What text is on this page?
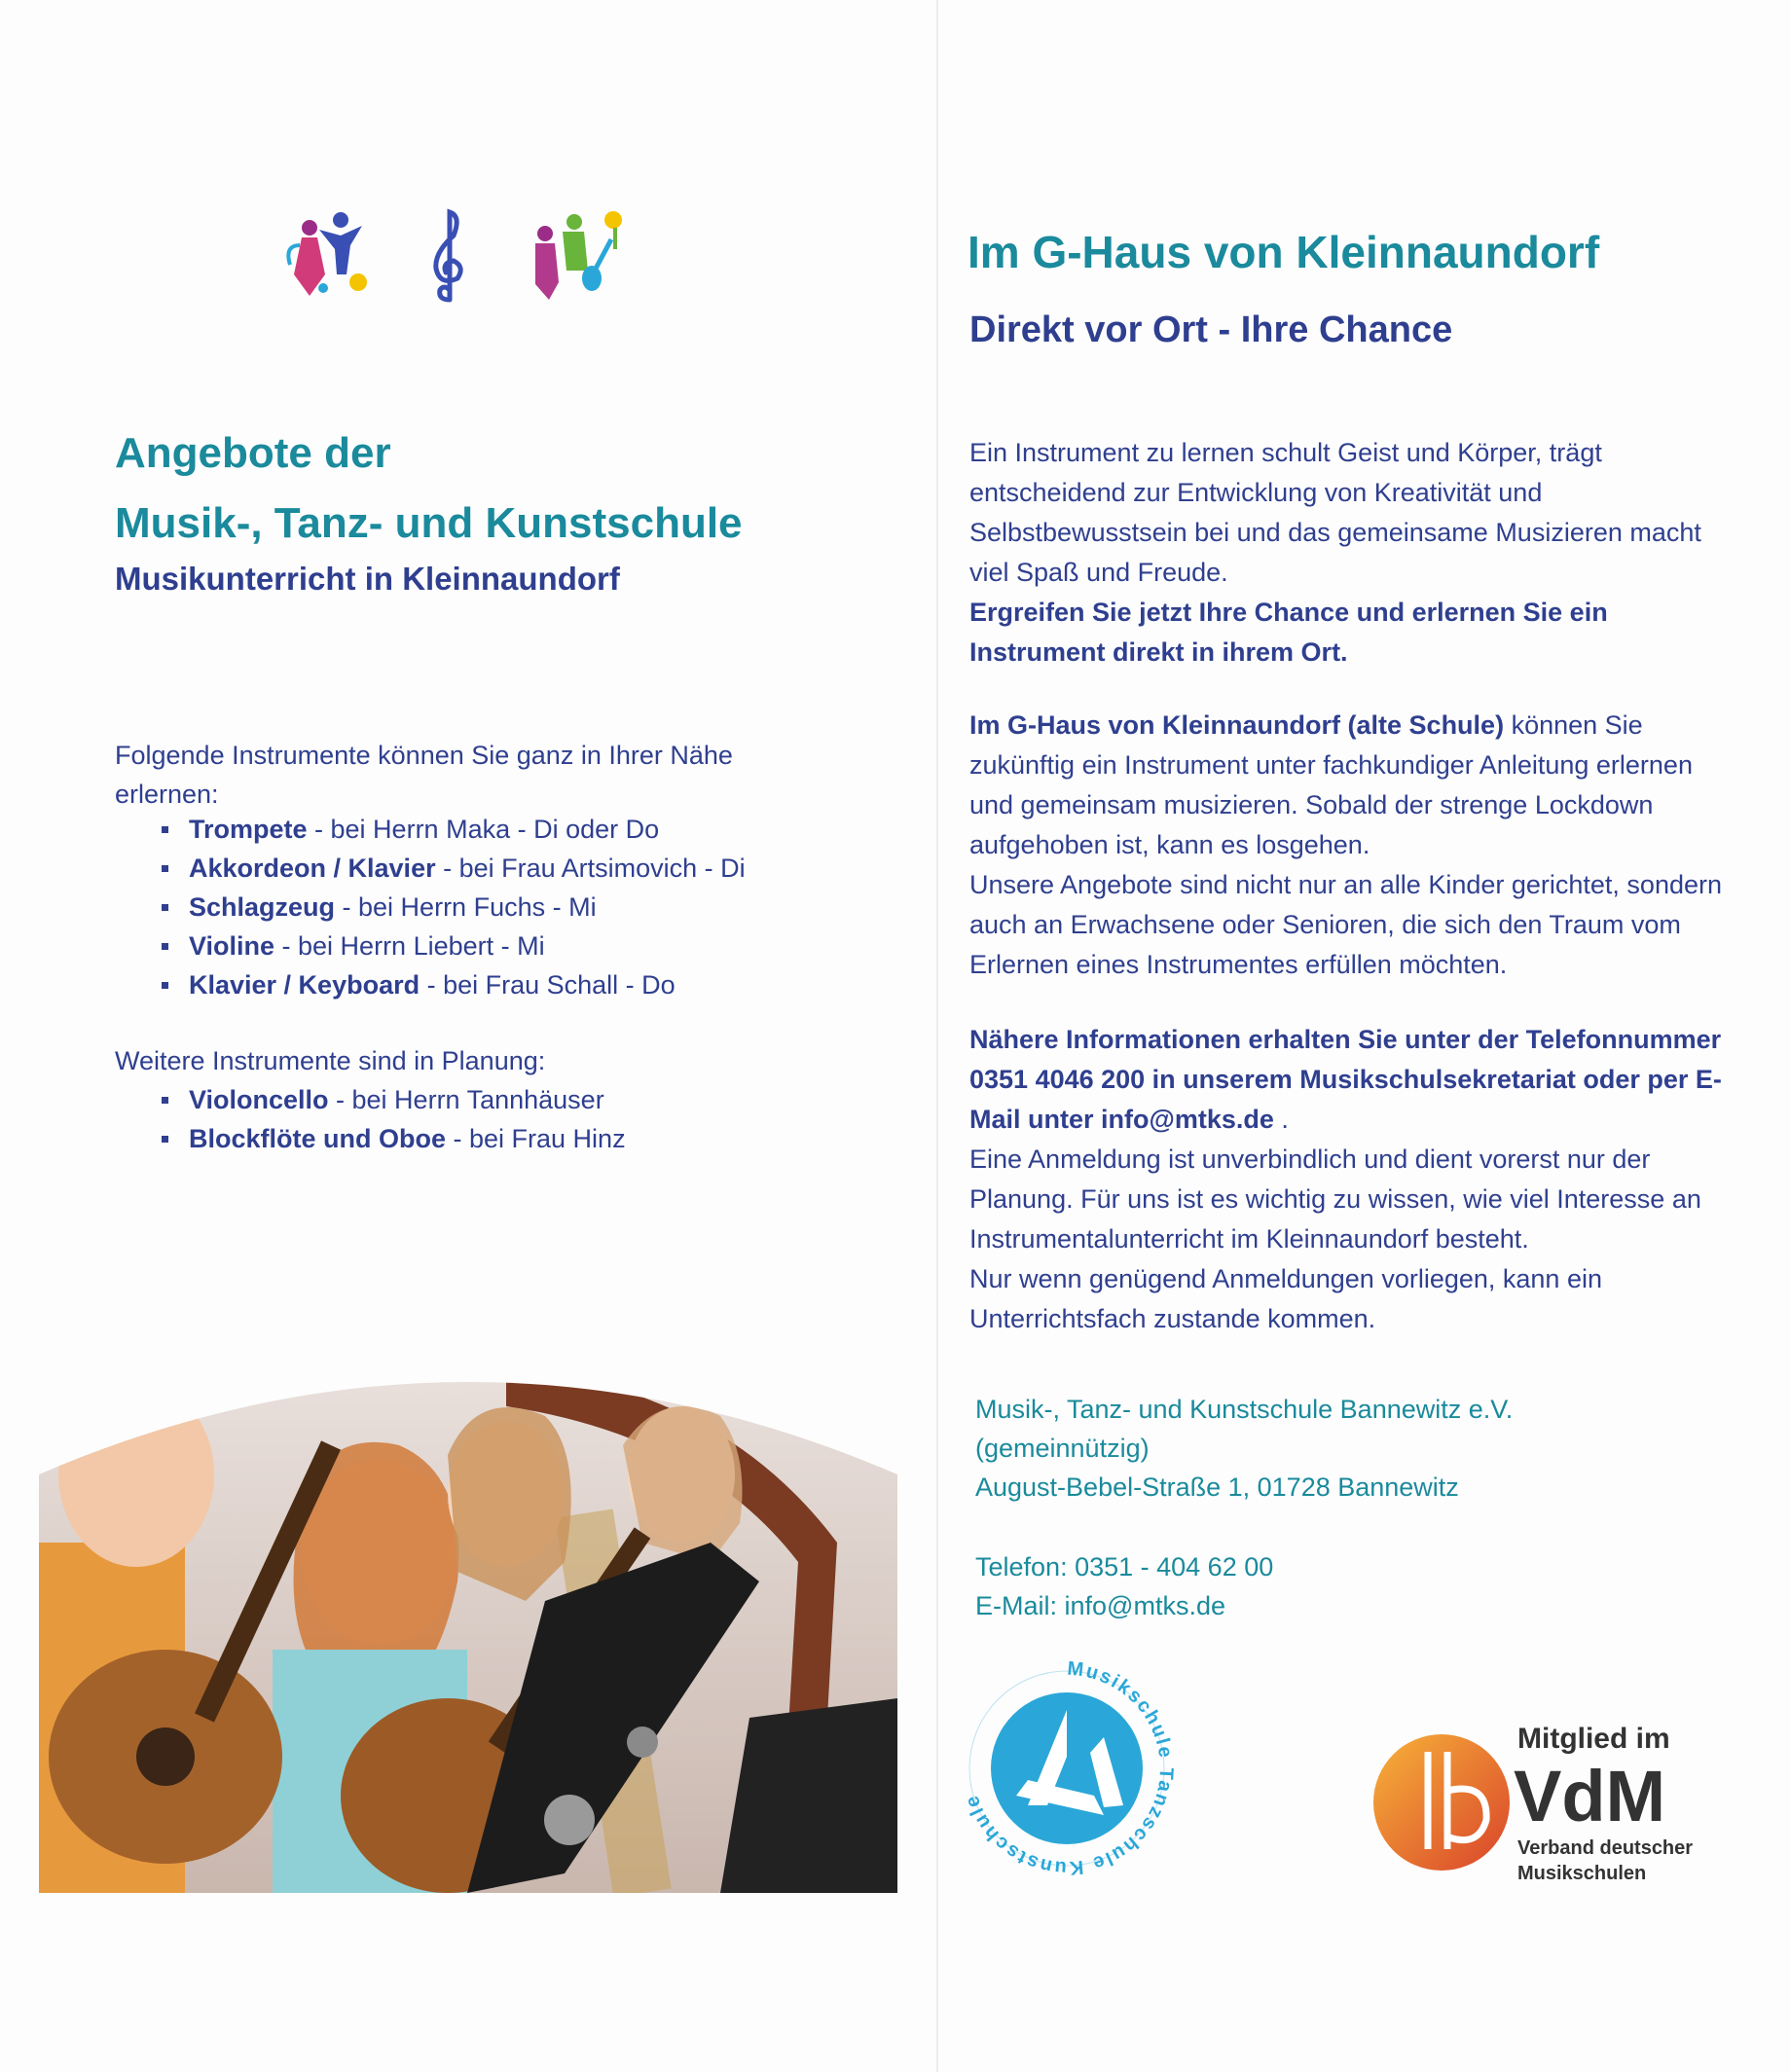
Angebote der
Musik-, Tanz- und Kunstschule
Musikunterricht in Kleinnaundorf
Folgende Instrumente können Sie ganz in Ihrer Nähe erlernen:
Trompete - bei Herrn Maka - Di oder Do
Akkordeon / Klavier - bei Frau Artsimovich - Di
Schlagzeug - bei Herrn Fuchs - Mi
Violine - bei Herrn Liebert - Mi
Klavier / Keyboard - bei Frau Schall - Do
Weitere Instrumente sind in Planung:
Violoncello - bei Herrn Tannhäuser
Blockflöte und Oboe - bei Frau Hinz
Im G-Haus von Kleinnaundorf
Direkt vor Ort - Ihre Chance
Ein Instrument zu lernen schult Geist und Körper, trägt entscheidend zur Entwicklung von Kreativität und Selbstbewusstsein bei und das gemeinsame Musizieren macht viel Spaß und Freude.
Ergreifen Sie jetzt Ihre Chance und erlernen Sie ein Instrument direkt in ihrem Ort.
Im G-Haus von Kleinnaundorf (alte Schule) können Sie zukünftig ein Instrument unter fachkundiger Anleitung erlernen und gemeinsam musizieren. Sobald der strenge Lockdown aufgehoben ist, kann es losgehen.
Unsere Angebote sind nicht nur an alle Kinder gerichtet, sondern auch an Erwachsene oder Senioren, die sich den Traum vom Erlernen eines Instrumentes erfüllen möchten.
Nähere Informationen erhalten Sie unter der Telefonnummer 0351 4046 200 in unserem Musikschulsekretariat oder per E-Mail unter info@mtks.de .
Eine Anmeldung ist unverbindlich und dient vorerst nur der Planung. Für uns ist es wichtig zu wissen, wie viel Interesse an Instrumentalunterricht im Kleinnaundorf besteht.
Nur wenn genügend Anmeldungen vorliegen, kann ein Unterrichtsfach zustande kommen.
Musik-, Tanz- und Kunstschule Bannewitz e.V.
(gemeinnützig)
August-Bebel-Straße 1, 01728 Bannewitz
Telefon: 0351 - 404 62 00
E-Mail: info@mtks.de
Musikschule Tanzschule Kunstschule
Mitglied im
VdM
Verband deutscher
Musikschulen
